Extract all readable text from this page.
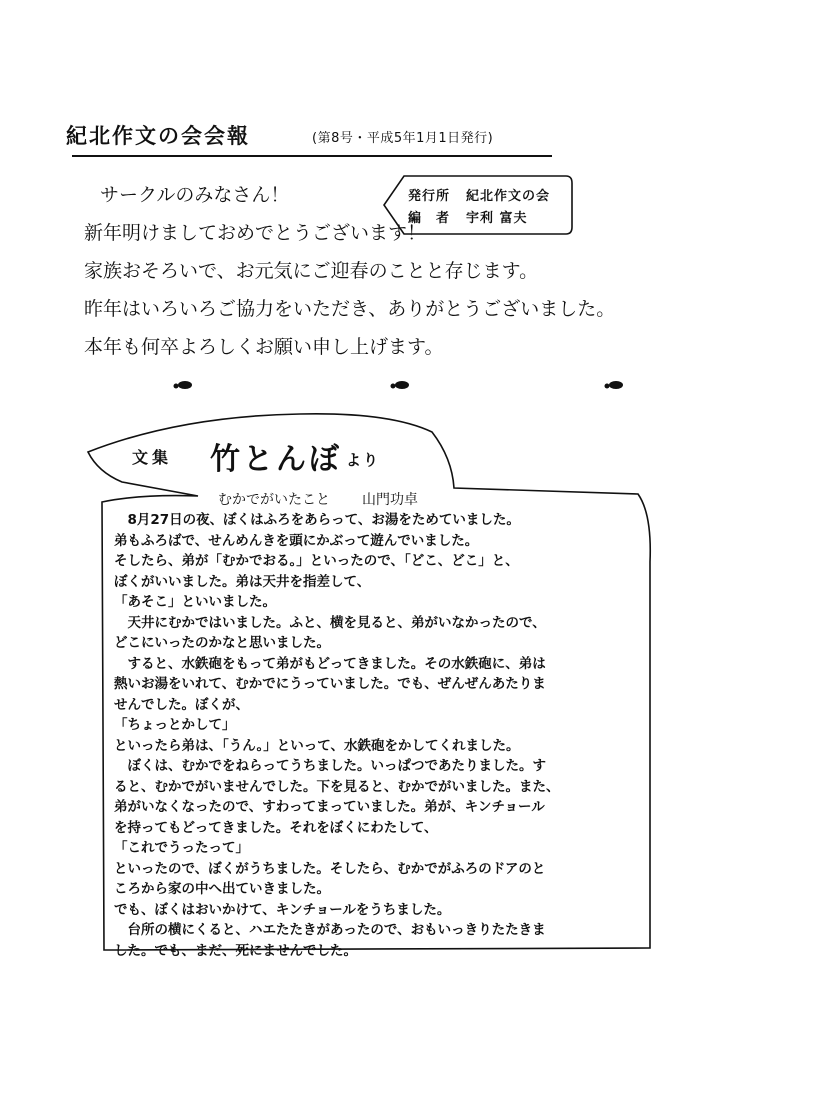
紀北作文の会会報	(第8号・平成5年1月1日発行)
サークルのみなさん！
新年明けましておめでとうございます！
家族おそろいで、お元気にご迎春のことと存じます。
昨年はいろいろご協力をいただき、ありがとうございました。
本年も何卒よろしくお願い申し上げます。
発行所 紀北作文の会
編　者 宇利 富夫
文集 竹とんぼ より
むかでがいたこと 山門功卓
　8月27日の夜、ぼくはふろをあらって、お湯をためていました。
弟もふろばで、せんめんきを頭にかぶって遊んでいました。
そしたら、弟が「むかでおる。」といったので、「どこ、どこ」と、
ぼくがいいました。弟は天井を指差して、
「あそこ」といいました。
　天井にむかではいました。ふと、横を見ると、弟がいなかったので、
どこにいったのかなと思いました。
　すると、水鉄砲をもって弟がもどってきました。その水鉄砲に、弟は
熱いお湯をいれて、むかでにうっていました。でも、ぜんぜんあたりま
せんでした。ぼくが、
「ちょっとかして」
といったら弟は、「うん。」といって、水鉄砲をかしてくれました。
　ぼくは、むかでをねらってうちました。いっぱつであたりました。す
ると、むかでがいませんでした。下を見ると、むかでがいました。また、
弟がいなくなったので、すわってまっていました。弟が、キンチョール
を持ってもどってきました。それをぼくにわたして、
「これでうったって」
といったので、ぼくがうちました。そしたら、むかでがふろのドアのと
ころから家の中へ出ていきました。
でも、ぼくはおいかけて、キンチョールをうちました。
　台所の横にくると、ハエたたきがあったので、おもいっきりたたきま
した。でも、まだ、死にませんでした。
